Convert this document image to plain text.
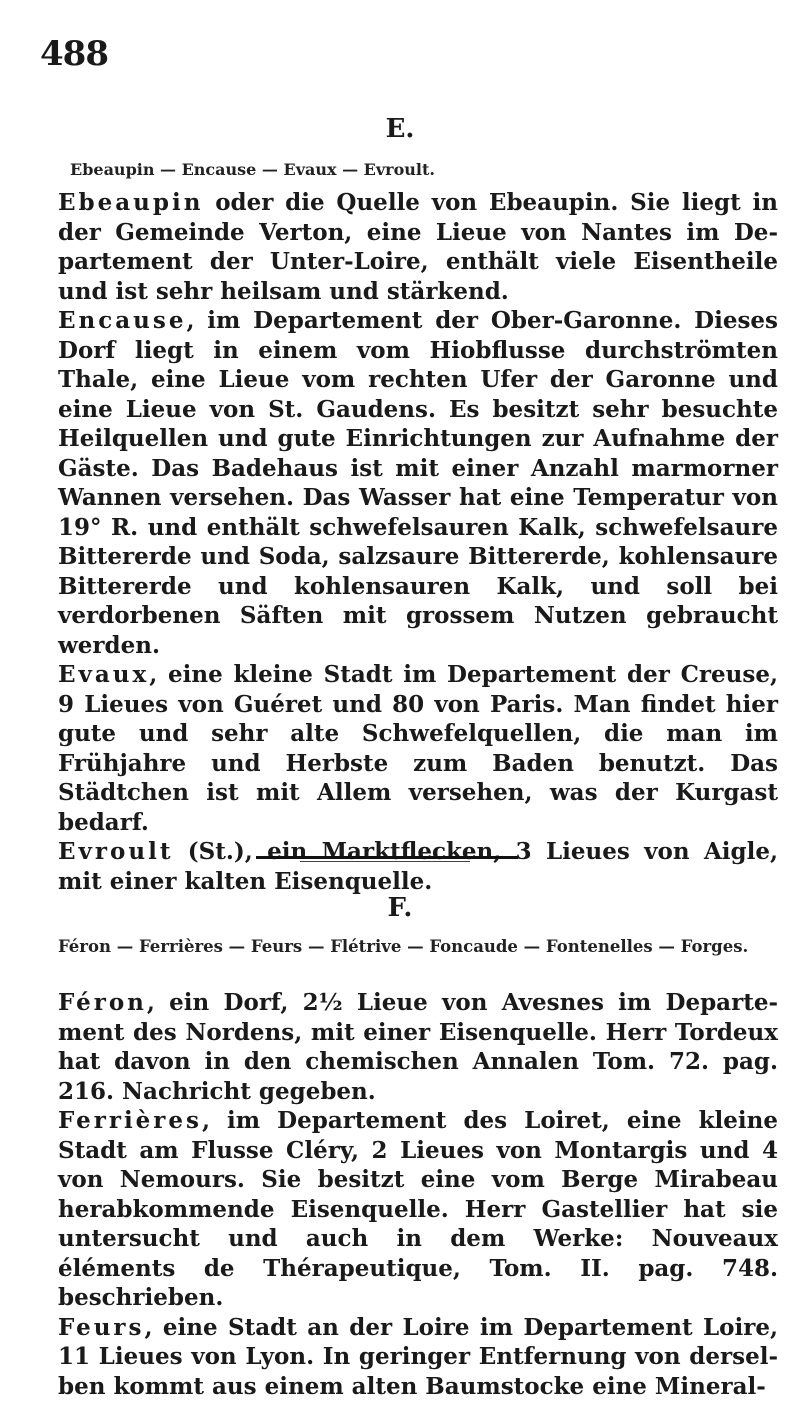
488
E.
Ebeaupin — Encause — Evaux — Evroult.

Ebeaupin oder die Quelle von Ebeaupin. Sie liegt in der Gemeinde Verton, eine Lieue von Nantes im Departement der Unter-Loire, enthält viele Eisentheile und ist sehr heilsam und stärkend.

Encause, im Departement der Ober-Garonne. Dieses Dorf liegt in einem vom Hiobflusse durchströmten Thale, eine Lieue vom rechten Ufer der Garonne und eine Lieue von St. Gaudens. Es besitzt sehr besuchte Heilquellen und gute Einrichtungen zur Aufnahme der Gäste. Das Badehaus ist mit einer Anzahl marmorner Wannen versehen. Das Wasser hat eine Temperatur von 19° R. und enthält schwefelsauren Kalk, schwefelsaure Bittererde und Soda, salzsaure Bittererde, kohlensaure Bittererde und kohlensauren Kalk, und soll bei verdorbenen Säften mit grossem Nutzen gebraucht werden.

Evaux, eine kleine Stadt im Departement der Creuse, 9 Lieues von Guéret und 80 von Paris. Man findet hier gute und sehr alte Schwefelquellen, die man im Frühjahre und Herbste zum Baden benutzt. Das Städtchen ist mit Allem versehen, was der Kurgast bedarf.

Evroult (St.), ein Marktflecken, 3 Lieues von Aigle, mit einer kalten Eisenquelle.

F.
Féron — Ferrières — Feurs — Flétrive — Foncaude — Fontenelles — Forges.

Féron, ein Dorf, 2½ Lieue von Avesnes im Departement des Nordens, mit einer Eisenquelle. Herr Tordeux hat davon in den chemischen Annalen Tom. 72. pag. 216. Nachricht gegeben.

Ferrières, im Departement des Loiret, eine kleine Stadt am Flusse Cléry, 2 Lieues von Montargis und 4 von Nemours. Sie besitzt eine vom Berge Mirabeau herabkommende Eisenquelle. Herr Gastellier hat sie untersucht und auch in dem Werke: Nouveaux éléments de Thérapeutique, Tom. II. pag. 748. beschrieben.

Feurs, eine Stadt an der Loire im Departement Loire, 11 Lieues von Lyon. In geringer Entfernung von derselben kommt aus einem alten Baumstocke eine Mineral-
